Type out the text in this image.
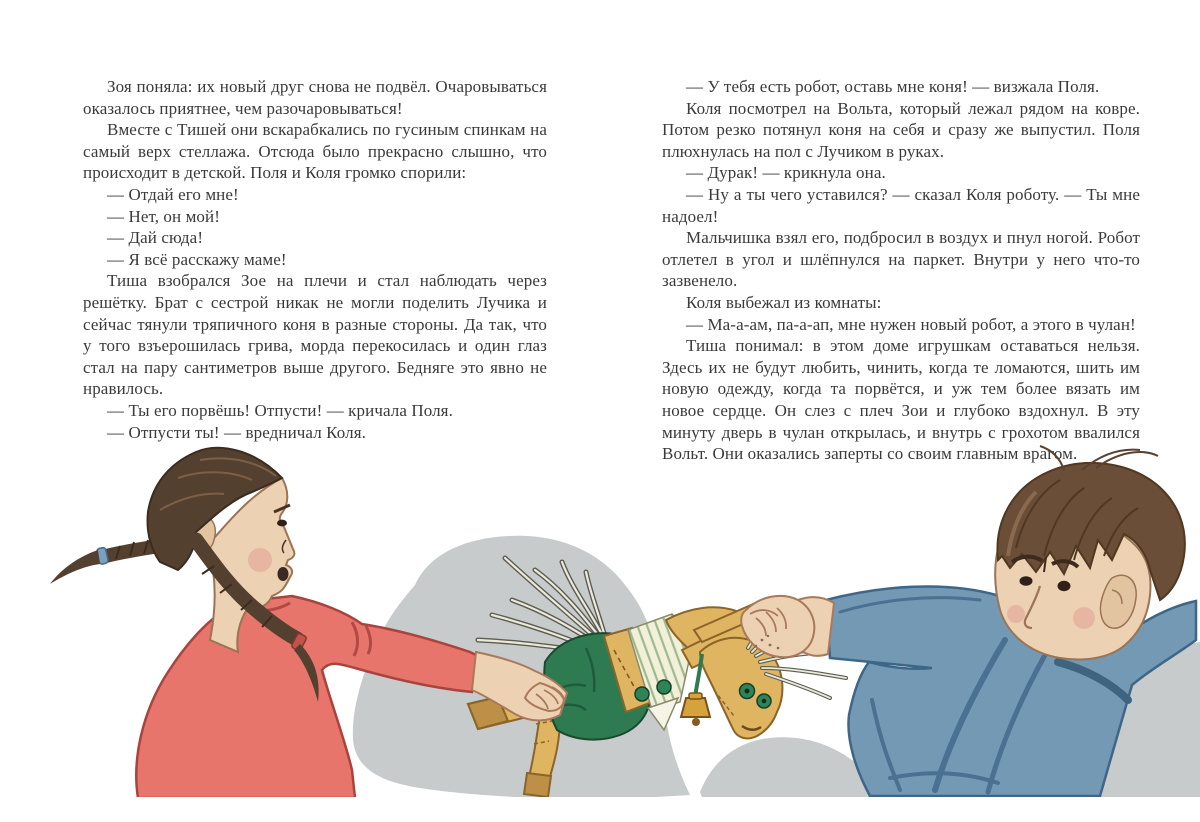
Зоя поняла: их новый друг снова не подвёл. Очаровываться оказалось приятнее, чем разочаровываться!

Вместе с Тишей они вскарабкались по гусиным спинкам на самый верх стеллажа. Отсюда было прекрасно слышно, что происходит в детской. Поля и Коля громко спорили:

— Отдай его мне!

— Нет, он мой!

— Дай сюда!

— Я всё расскажу маме!

Тиша взобрался Зое на плечи и стал наблюдать через решётку. Брат с сестрой никак не могли поделить Лучика и сейчас тянули тряпичного коня в разные стороны. Да так, что у того взъерошилась грива, морда перекосилась и один глаз стал на пару сантиметров выше другого. Бедняге это явно не нравилось.

— Ты его порвёшь! Отпусти! — кричала Поля.

— Отпусти ты! — вредничал Коля.

— У тебя есть робот, оставь мне коня! — визжала Поля.

Коля посмотрел на Вольта, который лежал рядом на ковре. Потом резко потянул коня на себя и сразу же выпустил. Поля плюхнулась на пол с Лучиком в руках.

— Дурак! — крикнула она.

— Ну а ты чего уставился? — сказал Коля роботу. — Ты мне надоел!

Мальчишка взял его, подбросил в воздух и пнул ногой. Робот отлетел в угол и шлёпнулся на паркет. Внутри у него что-то зазвенело.

Коля выбежал из комнаты:

— Ма-а-ам, па-а-ап, мне нужен новый робот, а этого в чулан!

Тиша понимал: в этом доме игрушкам оставаться нельзя. Здесь их не будут любить, чинить, когда те ломаются, шить им новую одежду, когда та порвётся, и уж тем более вязать им новое сердце. Он слез с плеч Зои и глубоко вздохнул. В эту минуту дверь в чулан открылась, и внутрь с грохотом ввалился Вольт. Они оказались заперты со своим главным врагом.
